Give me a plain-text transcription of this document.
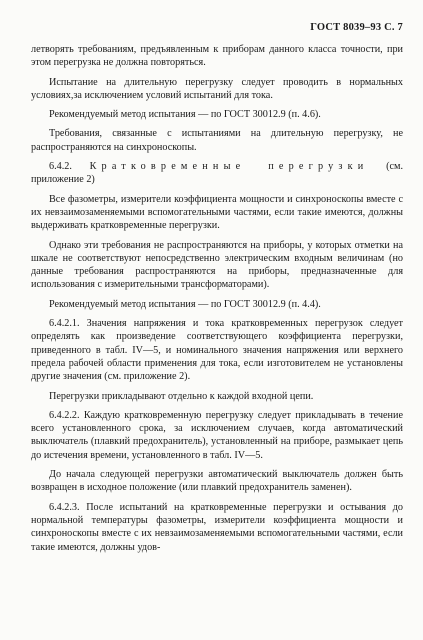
ГОСТ 8039–93 С. 7

летворять требованиям, предъявленным к приборам данного класса точности, при этом перегрузка не должна повторяться.

Испытание на длительную перегрузку следует проводить в нормальных условиях,за исключением условий испытаний для тока.

Рекомендуемый метод испытания — по ГОСТ 30012.9 (п. 4.6).

Требования, связанные с испытаниями на длительную перегрузку, не распространяются на синхроноскопы.

6.4.2. Кратковременные перегрузки (см. приложение 2)

Все фазометры, измерители коэффициента мощности и синхроноскопы вместе с их невзаимозаменяемыми вспомогательными частями, если такие имеются, должны выдерживать кратковременные перегрузки.

Однако эти требования не распространяются на приборы, у которых отметки на шкале не соответствуют непосредственно электрическим входным величинам (но данные требования распространяются на приборы, предназначенные для использования с измерительными трансформаторами).

Рекомендуемый метод испытания — по ГОСТ 30012.9 (п. 4.4).

6.4.2.1. Значения напряжения и тока кратковременных перегрузок следует определять как произведение соответствующего коэффициента перегрузки, приведенного в табл. IV—5, и номинального значения напряжения или верхнего предела рабочей области применения для тока, если изготовителем не установлены другие значения (см. приложение 2).

Перегрузки прикладывают отдельно к каждой входной цепи.

6.4.2.2. Каждую кратковременную перегрузку следует прикладывать в течение всего установленного срока, за исключением случаев, когда автоматический выключатель (плавкий предохранитель), установленный на приборе, размыкает цепь до истечения времени, установленного в табл. IV—5.

До начала следующей перегрузки автоматический выключатель должен быть возвращен в исходное положение (или плавкий предохранитель заменен).

6.4.2.3. После испытаний на кратковременные перегрузки и остывания до нормальной температуры фазометры, измерители коэффициента мощности и синхроноскопы вместе с их невзаимозаменяемыми вспомогательными частями, если такие имеются, должны удов-
